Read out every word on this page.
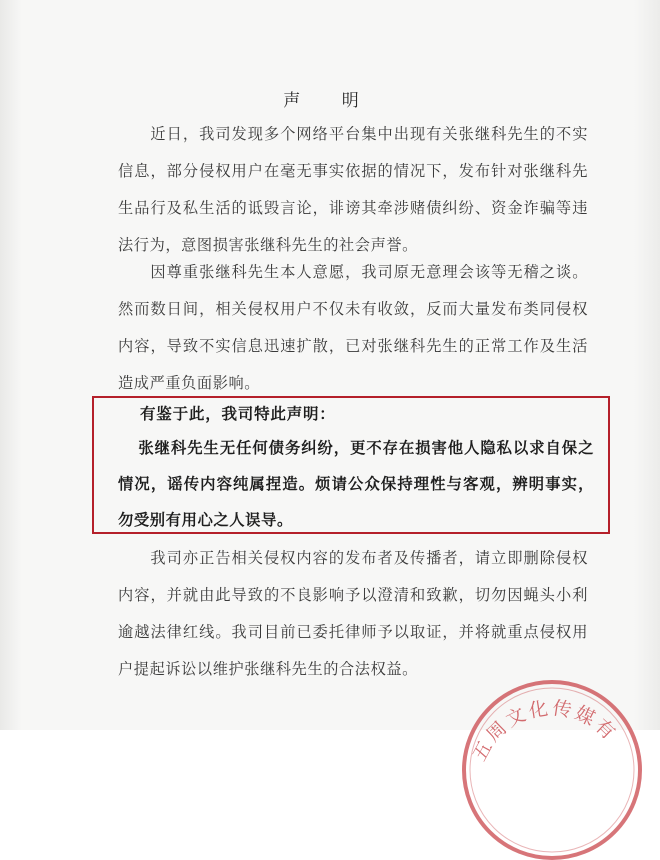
声 明

近日，我司发现多个网络平台集中出现有关张继科先生的不实信息，部分侵权用户在毫无事实依据的情况下，发布针对张继科先生品行及私生活的诋毁言论，诽谤其牵涉赌债纠纷、资金诈骗等违法行为，意图损害张继科先生的社会声誉。

因尊重张继科先生本人意愿，我司原无意理会该等无稽之谈。然而数日间，相关侵权用户不仅未有收敛，反而大量发布类同侵权内容，导致不实信息迅速扩散，已对张继科先生的正常工作及生活造成严重负面影响。

有鉴于此，我司特此声明：

张继科先生无任何债务纠纷，更不存在损害他人隐私以求自保之情况，谣传内容纯属捏造。烦请公众保持理性与客观，辨明事实，勿受别有用心之人误导。

我司亦正告相关侵权内容的发布者及传播者，请立即删除侵权内容，并就由此导致的不良影响予以澄清和致歉，切勿因蝇头小利逾越法律红线。我司目前已委托律师予以取证，并将就重点侵权用户提起诉讼以维护张继科先生的合法权益。

五周文化传媒有
